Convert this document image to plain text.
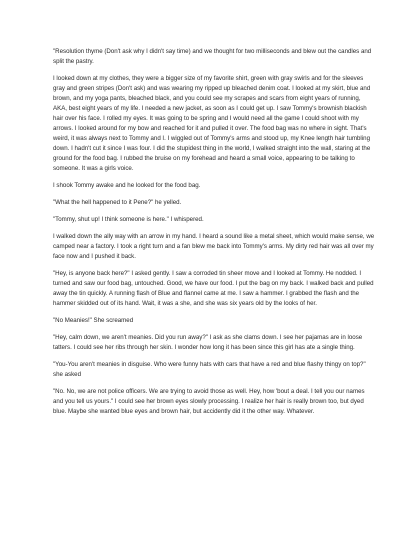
"Resolution thyme (Don't ask why I didn't say time) and we thought for two milliseconds and blew out the candles and split the pastry.

I looked down at my clothes, they were a bigger size of my favorite shirt, green with gray swirls and for the sleeves gray and green stripes (Don't ask) and was wearing my ripped up bleached denim coat. I looked at my skirt, blue and brown, and my yoga pants, bleached black, and you could see my scrapes and scars from eight years of running, AKA, best eight years of my life. I needed a new jacket, as soon as I could get up. I saw Tommy's brownish blackish hair over his face. I rolled my eyes. It was going to be spring and I would need all the game I could shoot with my arrows. I looked around for my bow and reached for it and pulled it over. The food bag was no where in sight. That's weird, it was always next to Tommy and I. I wiggled out of Tommy's arms and stood up, my Knee length hair tumbling down. I hadn't cut it since I was four. I did the stupidest thing in the world, I walked straight into the wall, staring at the ground for the food bag. I rubbed the bruise on my forehead and heard a small voice, appearing to be talking to someone. It was a girls voice.

I shook Tommy awake and he looked for the food bag.

"What the hell happened to it Pene?" he yelled.

"Tommy, shut up! I think someone is here." I whispered.

I walked down the ally way with an arrow in my hand. I heard a sound like a metal sheet, which would make sense, we camped near a factory. I took a right turn and a fan blew me back into Tommy's arms. My dirty red hair was all over my face now and I pushed it back.

"Hey, is anyone back here?" I asked gently. I saw a corroded tin sheer move and I looked at Tommy. He nodded. I turned and saw our food bag, untouched. Good, we have our food. I put the bag on my back. I walked back and pulled away the tin quickly. A running flash of Blue and flannel came at me. I saw a hammer. I grabbed the flash and the hammer skidded out of its hand. Wait, it was a she, and she was six years old by the looks of her.

"No Meanies!" She screamed

"Hey, calm down, we aren't meanies. Did you run away?" I ask as she clams down. I see her pajamas are in loose tatters. I could see her ribs through her skin. I wonder how long it has been since this girl has ate a single thing.

"You-You aren't meanies in disguise. Who were funny hats with cars that have a red and blue flashy thingy on top?" she asked

"No. No, we are not police officers. We are trying to avoid those as well. Hey, how 'bout a deal. I tell you our names and you tell us yours." I could see her brown eyes slowly processing. I realize her hair is really brown too, but dyed blue. Maybe she wanted blue eyes and brown hair, but accidently did it the other way. Whatever.
